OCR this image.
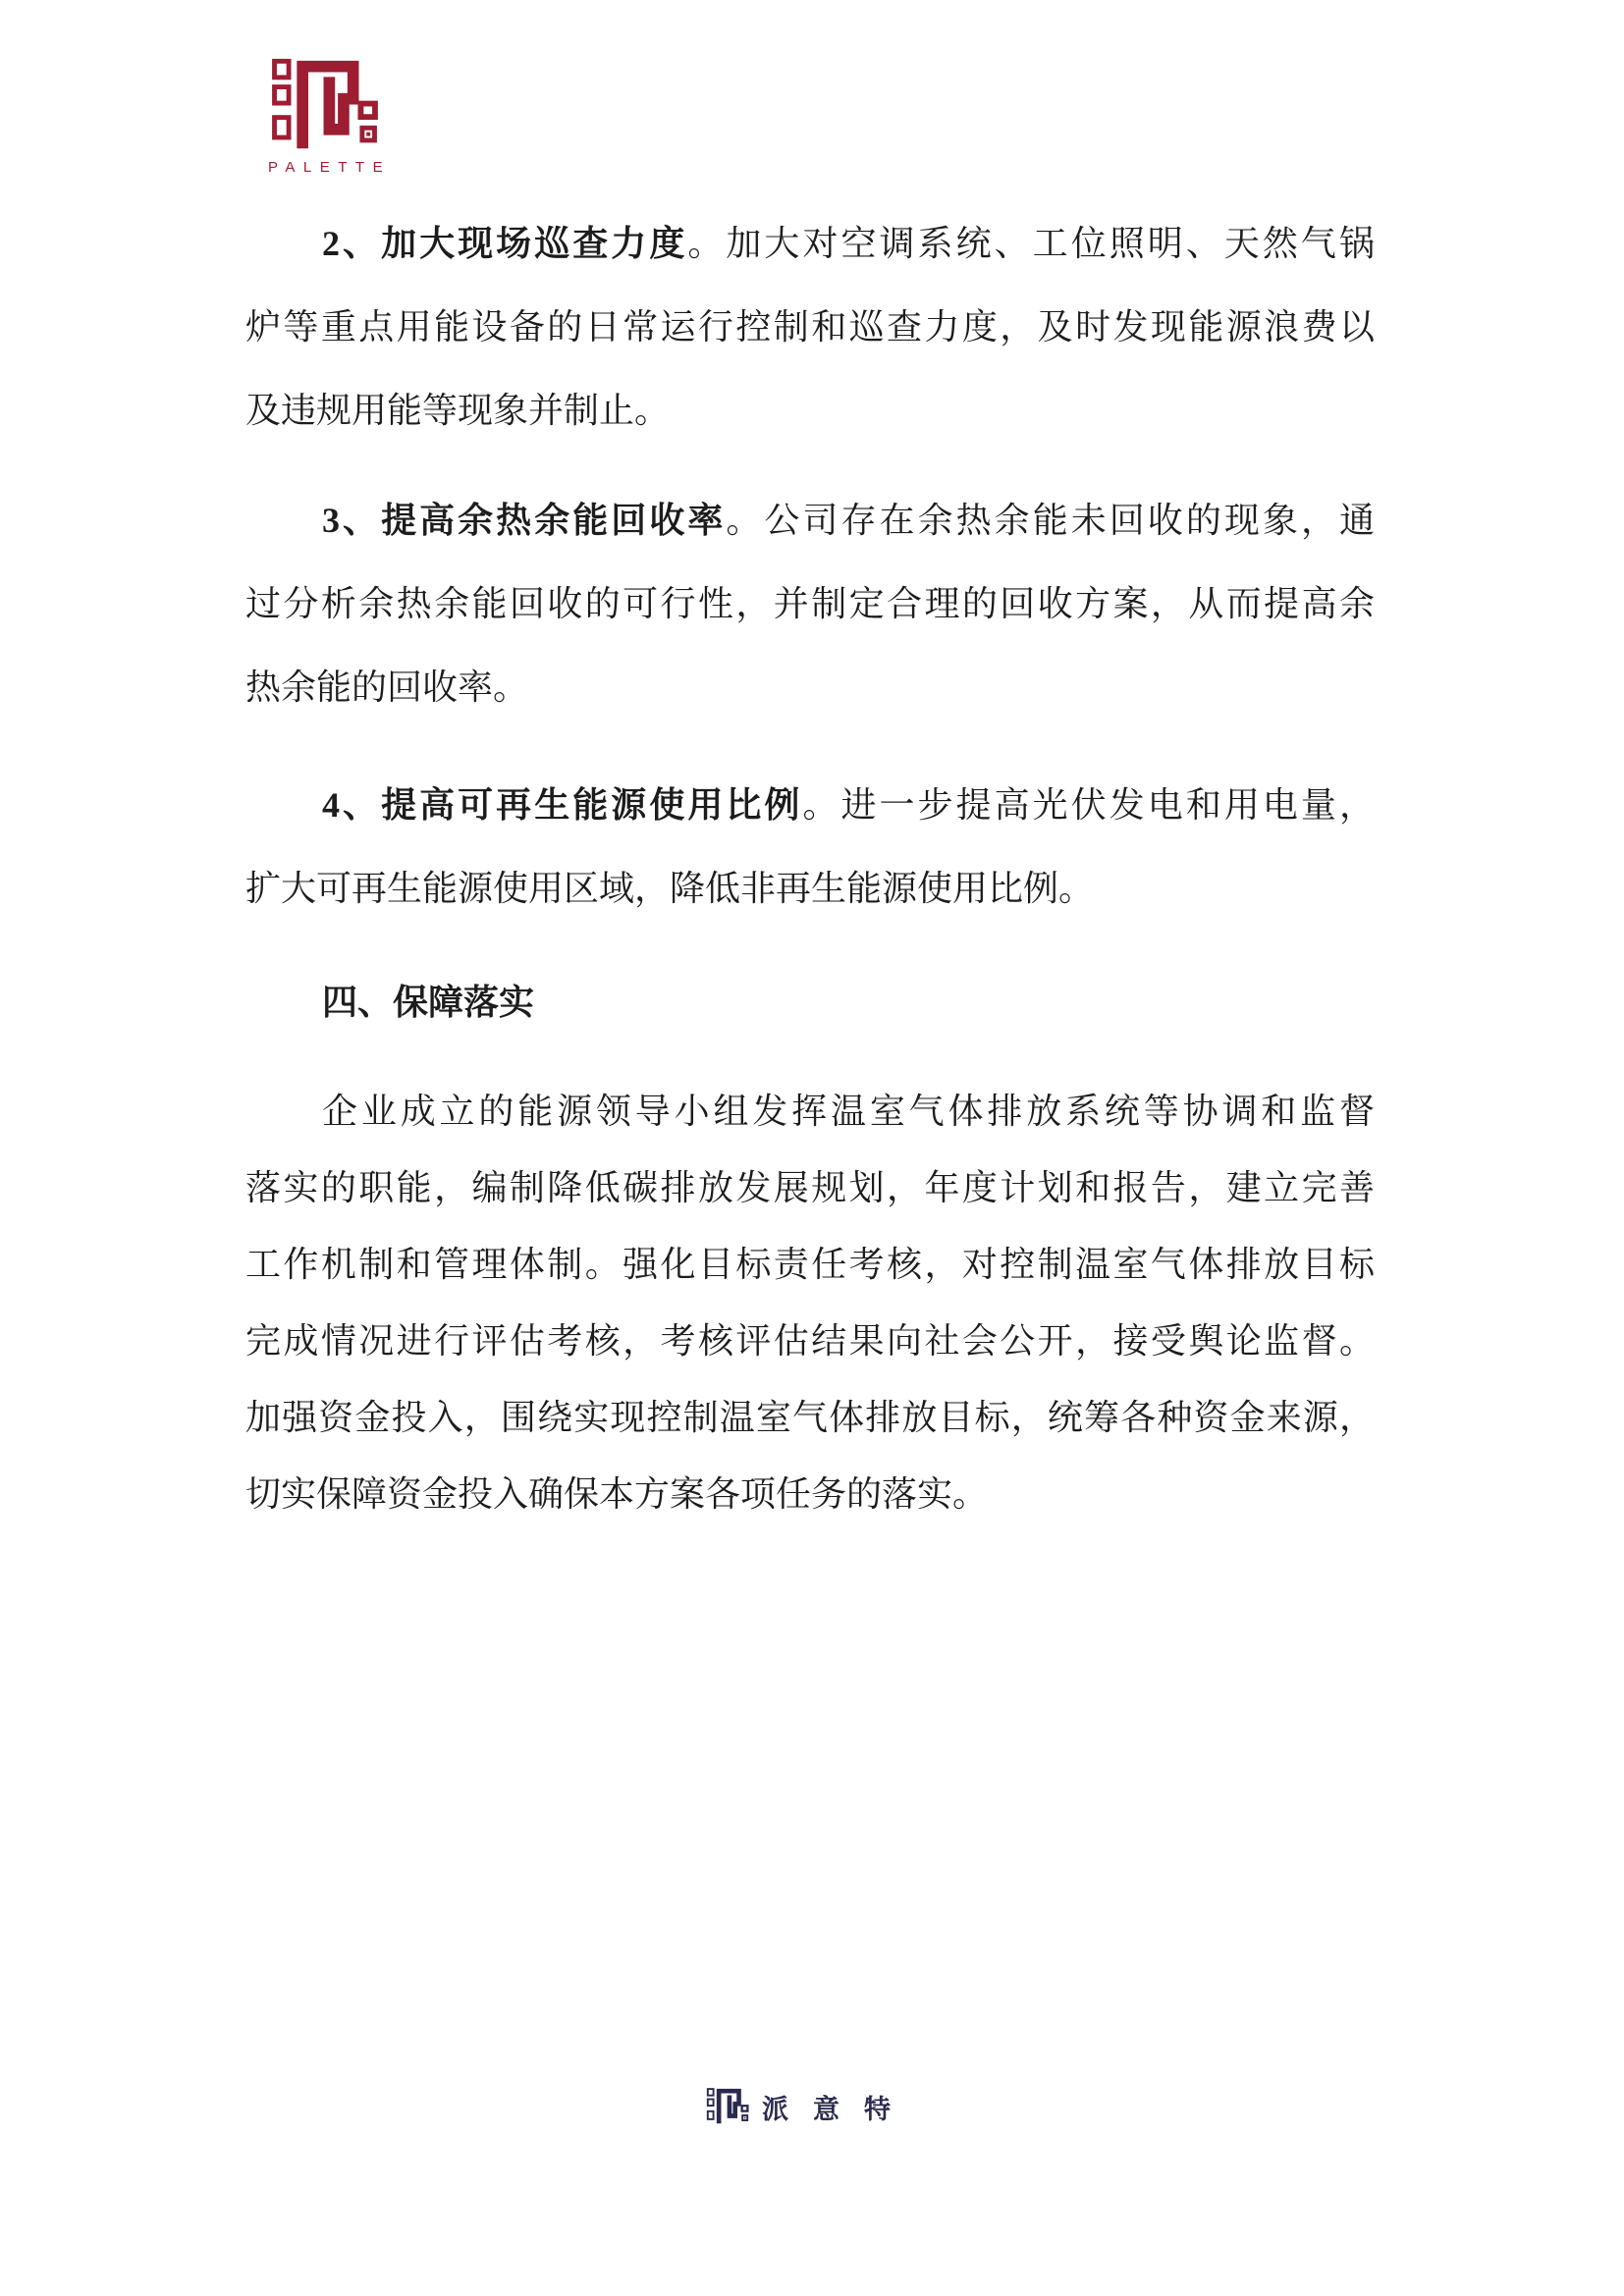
PALETTE
2、加大现场巡查力度。加大对空调系统、工位照明、天然气锅
炉等重点用能设备的日常运行控制和巡查力度，及时发现能源浪费以
及违规用能等现象并制止。
3、提高余热余能回收率。公司存在余热余能未回收的现象，通
过分析余热余能回收的可行性，并制定合理的回收方案，从而提高余
热余能的回收率。
4、提高可再生能源使用比例。进一步提高光伏发电和用电量，
扩大可再生能源使用区域，降低非再生能源使用比例。
四、保障落实
企业成立的能源领导小组发挥温室气体排放系统等协调和监督
落实的职能，编制降低碳排放发展规划，年度计划和报告，建立完善
工作机制和管理体制。强化目标责任考核，对控制温室气体排放目标
完成情况进行评估考核，考核评估结果向社会公开，接受舆论监督。
加强资金投入，围绕实现控制温室气体排放目标，统筹各种资金来源，
切实保障资金投入确保本方案各项任务的落实。
派意特
